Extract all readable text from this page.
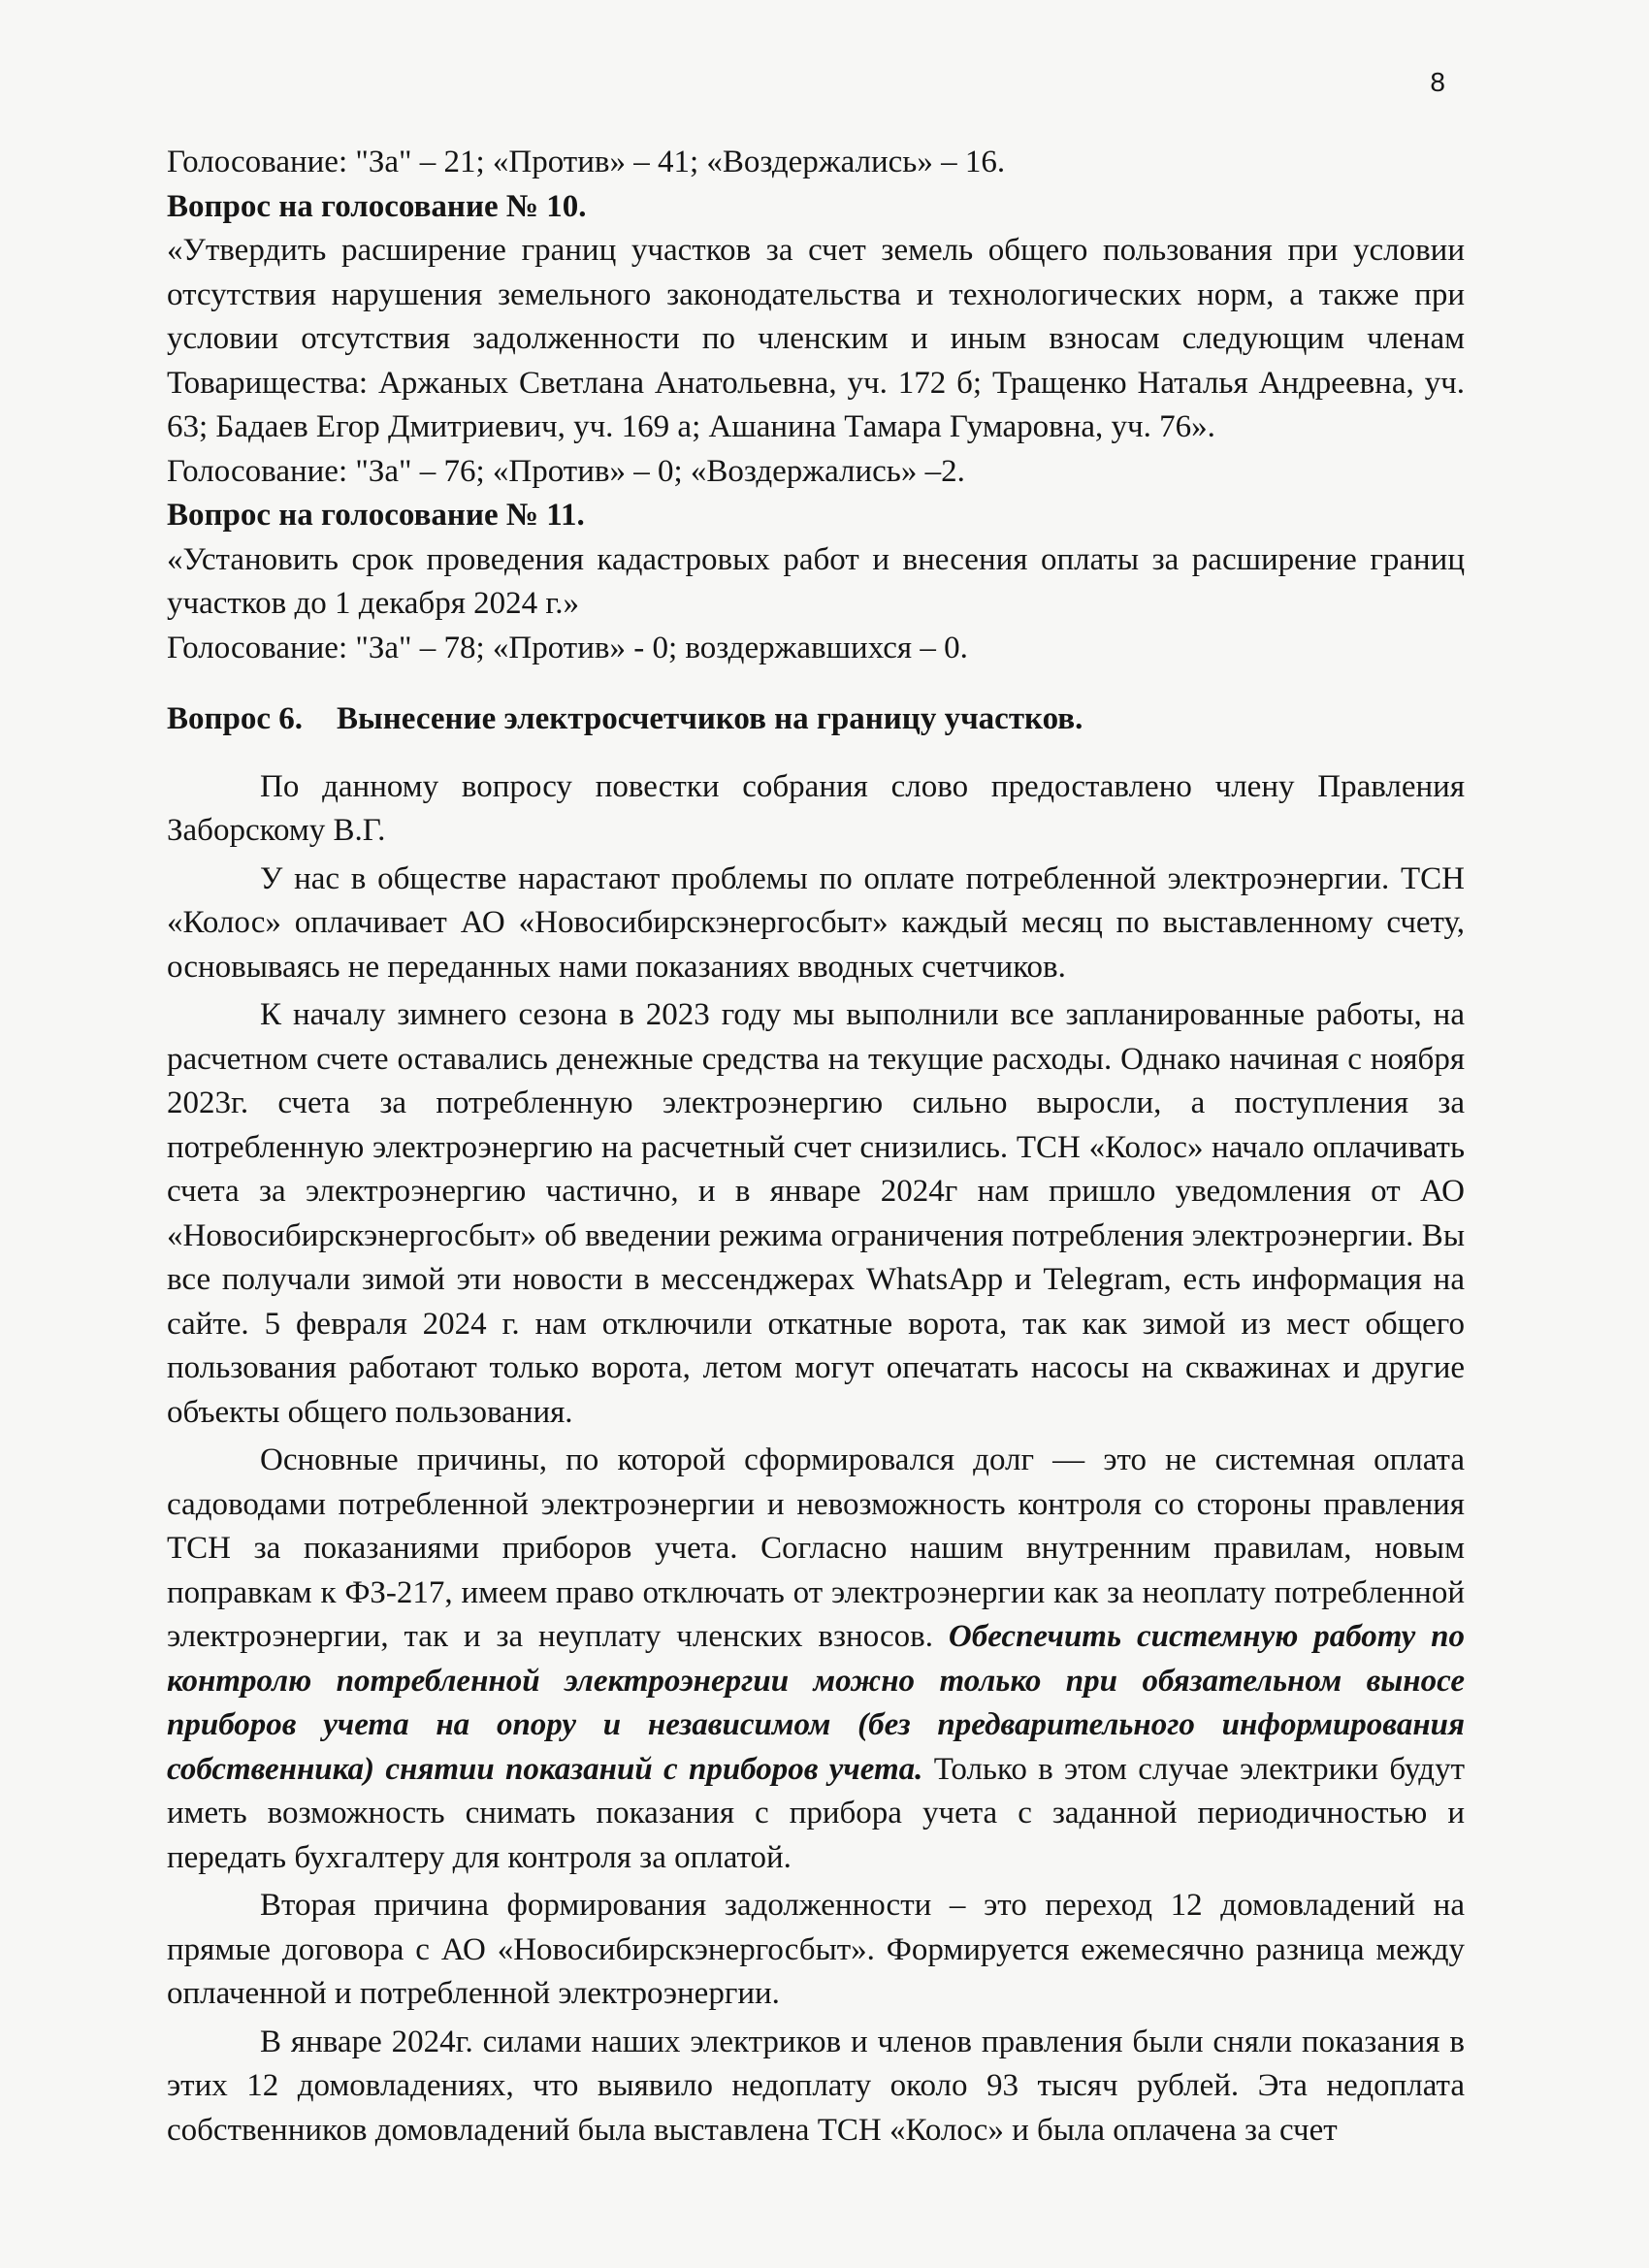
8

Голосование: "За" – 21; «Против» – 41; «Воздержались» – 16.

Вопрос на голосование № 10.

«Утвердить расширение границ участков за счет земель общего пользования при условии отсутствия нарушения земельного законодательства и технологических норм, а также при условии отсутствия задолженности по членским и иным взносам следующим членам Товарищества: Аржаных Светлана Анатольевна, уч. 172 б; Тращенко Наталья Андреевна, уч. 63; Бадаев Егор Дмитриевич, уч. 169 а; Ашанина Тамара Гумаровна, уч. 76».

Голосование: "За" – 76; «Против» – 0; «Воздержались» –2.

Вопрос на голосование № 11.

«Установить срок проведения кадастровых работ и внесения оплаты за расширение границ участков до 1 декабря 2024 г.»

Голосование: "За" – 78; «Против» - 0; воздержавшихся – 0.

Вопрос 6. Вынесение электросчетчиков на границу участков.

По данному вопросу повестки собрания слово предоставлено члену Правления Заборскому В.Г.

У нас в обществе нарастают проблемы по оплате потребленной электроэнергии. ТСН «Колос» оплачивает АО «Новосибирскэнергосбыт» каждый месяц по выставленному счету, основываясь не переданных нами показаниях вводных счетчиков.

К началу зимнего сезона в 2023 году мы выполнили все запланированные работы, на расчетном счете оставались денежные средства на текущие расходы. Однако начиная с ноября 2023г. счета за потребленную электроэнергию сильно выросли, а поступления за потребленную электроэнергию на расчетный счет снизились. ТСН «Колос» начало оплачивать счета за электроэнергию частично, и в январе 2024г нам пришло уведомления от АО «Новосибирскэнергосбыт» об введении режима ограничения потребления электроэнергии. Вы все получали зимой эти новости в мессенджерах WhatsApp и Telegram, есть информация на сайте. 5 февраля 2024 г. нам отключили откатные ворота, так как зимой из мест общего пользования работают только ворота, летом могут опечатать насосы на скважинах и другие объекты общего пользования.

Основные причины, по которой сформировался долг — это не системная оплата садоводами потребленной электроэнергии и невозможность контроля со стороны правления ТСН за показаниями приборов учета. Согласно нашим внутренним правилам, новым поправкам к ФЗ-217, имеем право отключать от электроэнергии как за неоплату потребленной электроэнергии, так и за неуплату членских взносов. Обеспечить системную работу по контролю потребленной электроэнергии можно только при обязательном выносе приборов учета на опору и независимом (без предварительного информирования собственника) снятии показаний с приборов учета. Только в этом случае электрики будут иметь возможность снимать показания с прибора учета с заданной периодичностью и передать бухгалтеру для контроля за оплатой.

Вторая причина формирования задолженности – это переход 12 домовладений на прямые договора с АО «Новосибирскэнергосбыт». Формируется ежемесячно разница между оплаченной и потребленной электроэнергии.

В январе 2024г. силами наших электриков и членов правления были сняли показания в этих 12 домовладениях, что выявило недоплату около 93 тысяч рублей. Эта недоплата собственников домовладений была выставлена ТСН «Колос» и была оплачена за счет
